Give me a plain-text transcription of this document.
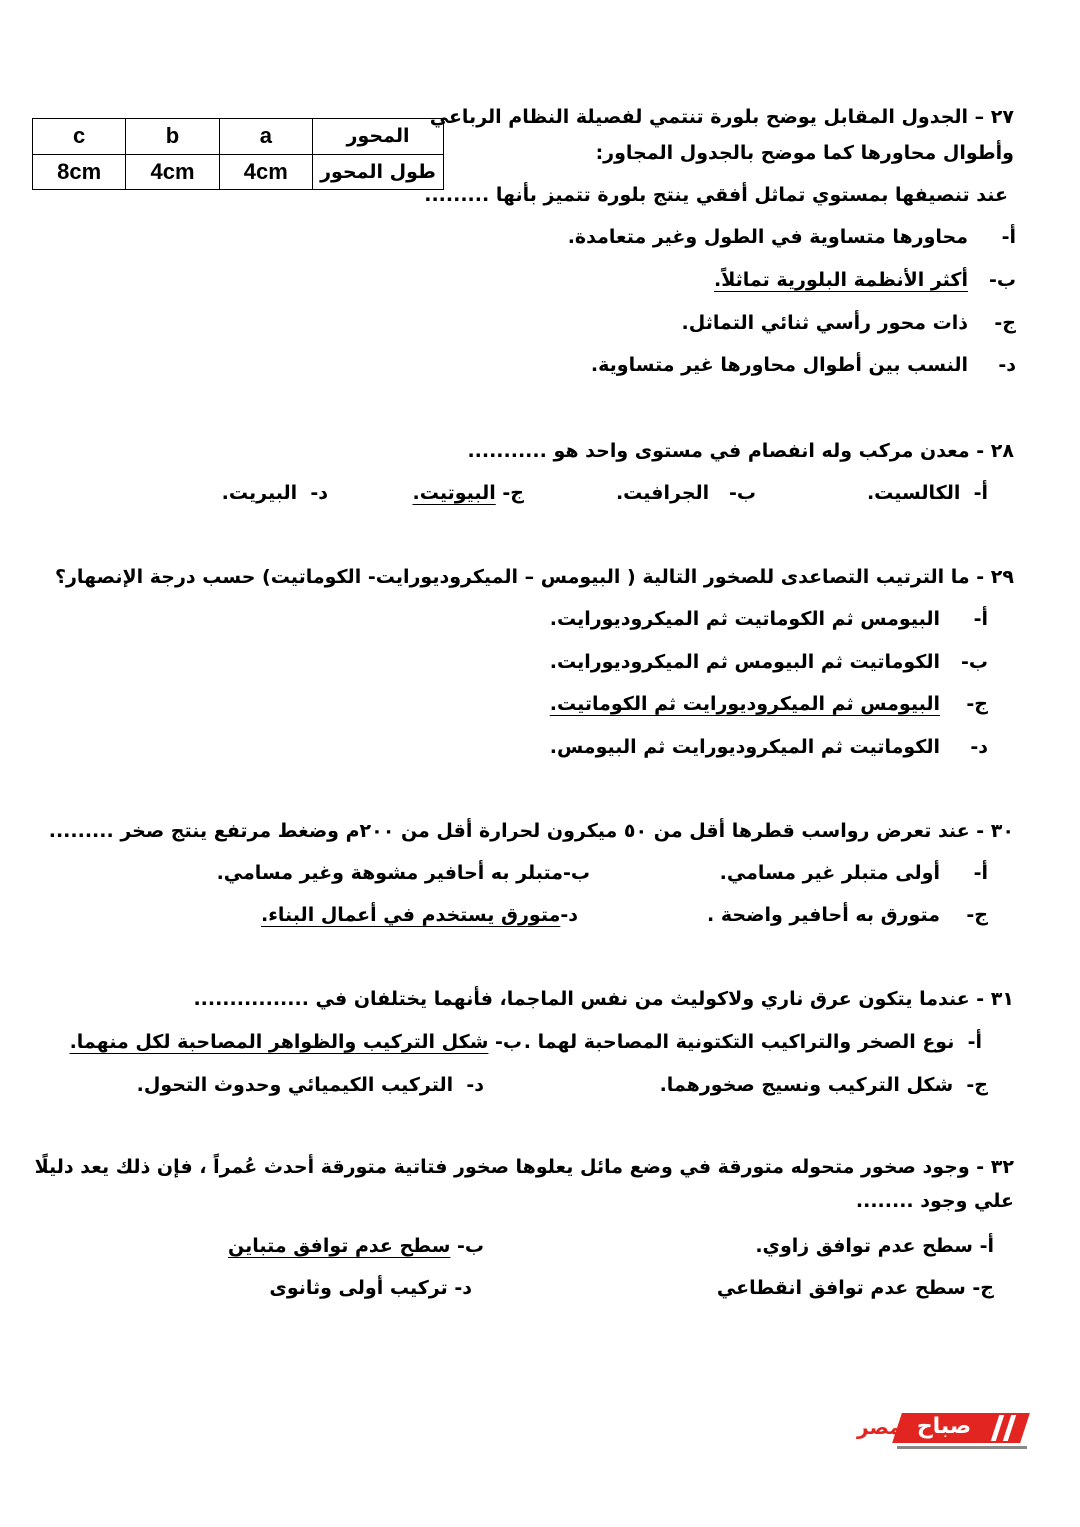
c	b	a	المحور
8cm	4cm	4cm	طول المحور
٢٧ – الجدول المقابل يوضح بلورة تنتمي لفصيلة النظام الرباعي
وأطوال محاورها كما موضح بالجدول المجاور:
عند تنصيفها بمستوي تماثل أفقي ينتج بلورة تتميز بأنها .........
أ-محاورها متساوية في الطول وغير متعامدة.
ب-أكثر الأنظمة البلورية تماثلاً.
ج-ذات محور رأسي ثنائي التماثل.
د-النسب بين أطوال محاورها غير متساوية.
٢٨ - معدن مركب وله انفصام في مستوى واحد هو ...........
أ-  الكالسيت.
ب-   الجرافيت.
ج- البيوتيت.
د-  البيريت.
٢٩ - ما الترتيب التصاعدى للصخور التالية ( البيومس – الميكروديورايت- الكوماتيت) حسب درجة الإنصهار؟
أ-البيومس ثم الكوماتيت ثم الميكروديورايت.
ب-الكوماتيت ثم البيومس ثم الميكروديورايت.
ج-البيومس ثم الميكروديورايت ثم الكوماتيت.
د-الكوماتيت ثم الميكروديورايت ثم البيومس.
٣٠ - عند تعرض رواسب قطرها أقل من ٥٠ ميكرون لحرارة أقل من ٢٠٠م وضغط مرتفع ينتج صخر .........
أ-أولى متبلر غير مسامي.
ب-متبلر به أحافير مشوهة وغير مسامي.
ج-متورق به أحافير واضحة .
د-متورق يستخدم في أعمال البناء.
٣١ - عندما يتكون عرق ناري ولاكوليث من نفس الماجما، فأنهما يختلفان في ................
أ-  نوع الصخر والتراكيب التكتونية المصاحبة لهما .
ب- شكل التركيب والظواهر المصاحبة لكل منهما.
ج-  شكل التركيب ونسيج صخورهما.
د-  التركيب الكيميائي وحدوث التحول.
٣٢ - وجود صخور متحوله متورقة في وضع مائل يعلوها صخور فتاتية متورقة أحدث عُمراً ، فإن ذلك يعد دليلًا
علي وجود ........
أ- سطح عدم توافق زاوي.
ب- سطح عدم توافق متباين
ج- سطح عدم توافق انقطاعي
د- تركيب أولى وثانوى
صباح
مصر
